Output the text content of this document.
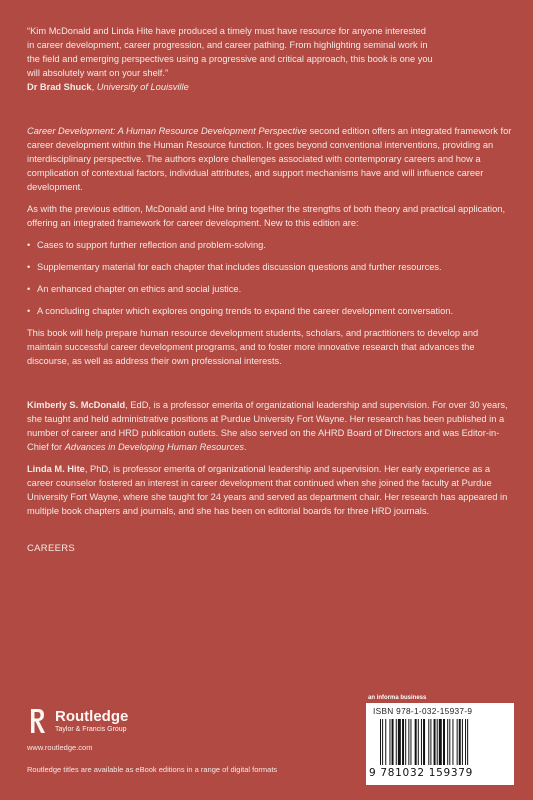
“Kim McDonald and Linda Hite have produced a timely must have resource for anyone interested

in career development, career progression, and career pathing. From highlighting seminal work in

the field and emerging perspectives using a progressive and critical approach, this book is one you

will absolutely want on your shelf.”

Dr Brad Shuck, University of Louisville

Career Development: A Human Resource Development Perspective second edition offers an integrated framework for career development within the Human Resource function. It goes beyond conventional interventions, providing an interdisciplinary perspective. The authors explore challenges associated with contemporary careers and how a complication of contextual factors, individual attributes, and support mechanisms have and will influence career development.

As with the previous edition, McDonald and Hite bring together the strengths of both theory and practical application, offering an integrated framework for career development. New to this edition are:

• Cases to support further reflection and problem-solving.
• Supplementary material for each chapter that includes discussion questions and further resources.
• An enhanced chapter on ethics and social justice.
• A concluding chapter which explores ongoing trends to expand the career development conversation.

This book will help prepare human resource development students, scholars, and practitioners to develop and maintain successful career development programs, and to foster more innovative research that advances the discourse, as well as address their own professional interests.

Kimberly S. McDonald, EdD, is a professor emerita of organizational leadership and supervision. For over 30 years, she taught and held administrative positions at Purdue University Fort Wayne. Her research has been published in a number of career and HRD publication outlets. She also served on the AHRD Board of Directors and was Editor-in-Chief for Advances in Developing Human Resources.

Linda M. Hite, PhD, is professor emerita of organizational leadership and supervision. Her early experience as a career counselor fostered an interest in career development that continued when she joined the faculty at Purdue University Fort Wayne, where she taught for 24 years and served as department chair. Her research has appeared in multiple book chapters and journals, and she has been on editorial boards for three HRD journals.

CAREERS

Routledge
Taylor & Francis Group
www.routledge.com
Routledge titles are available as eBook editions in a range of digital formats
an informa business
ISBN 978-1-032-15937-9
9 781032 159379
